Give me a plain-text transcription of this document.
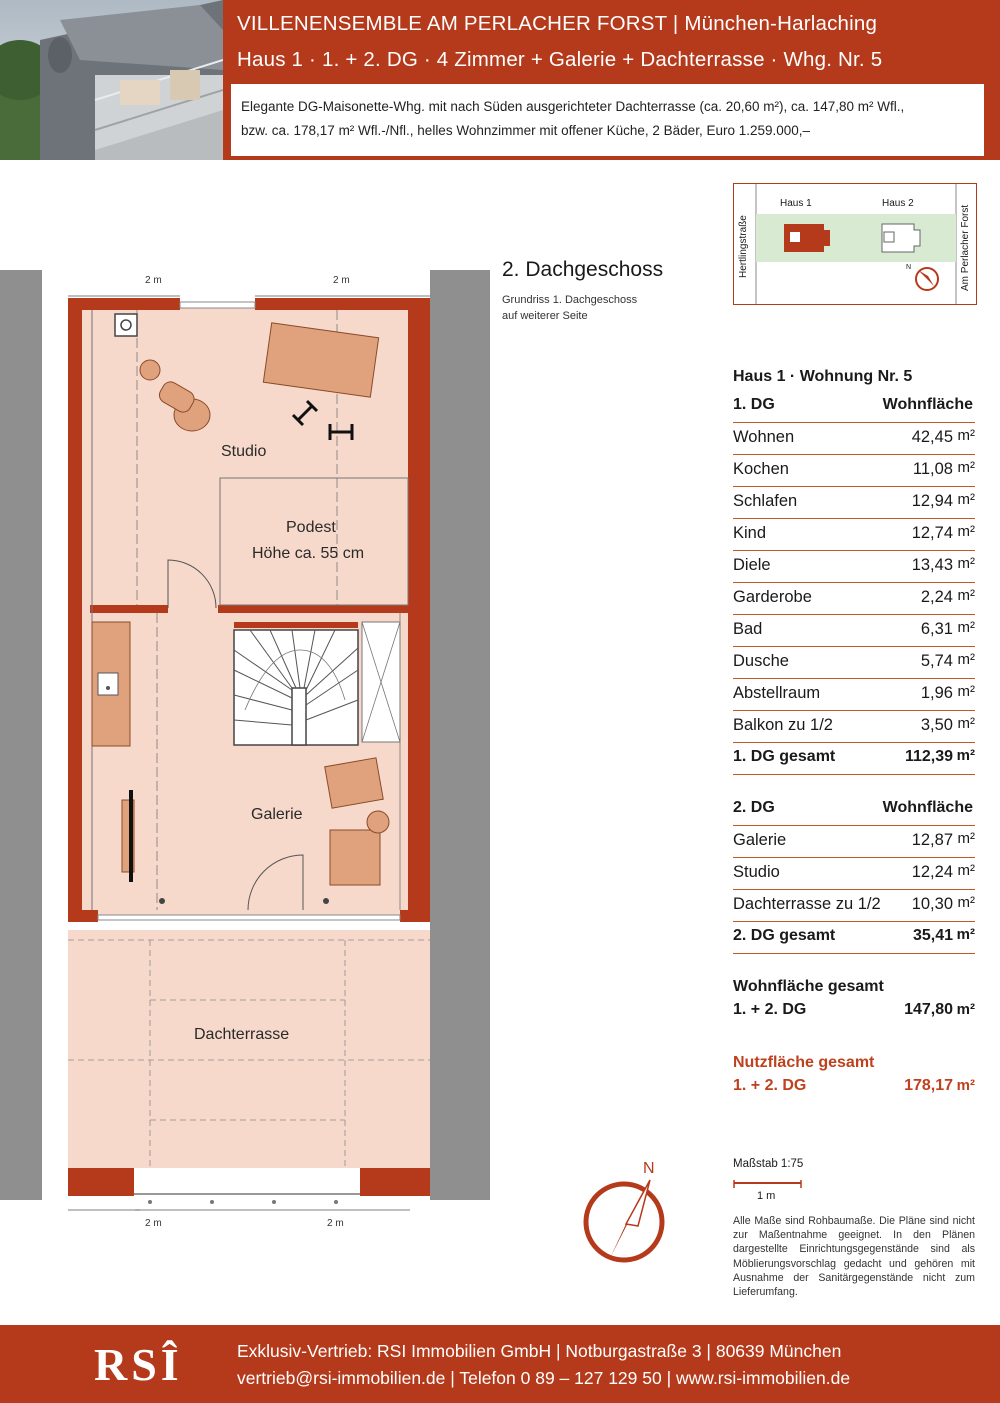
VILLENENSEMBLE AM PERLACHER FORST | München-Harlaching
Haus 1 · 1. + 2. DG · 4 Zimmer + Galerie + Dachterrasse · Whg. Nr. 5
Elegante DG-Maisonette-Whg. mit nach Süden ausgerichteter Dachterrasse (ca. 20,60 m²), ca. 147,80 m² Wfl.,
bzw. ca. 178,17 m² Wfl.-/Nfl., helles Wohnzimmer mit offener Küche, 2 Bäder, Euro 1.259.000,–
2 m	2 m
2 m	2 m
Studio
Podest
Höhe ca. 55 cm
Galerie
Dachterrasse
2. Dachgeschoss
Grundriss 1. Dachgeschoss
auf weiterer Seite
Hertlingstraße	Am Perlacher Forst
Haus 1	Haus 2
N
Haus 1 · Wohnung Nr. 5
1. DG	Wohnfläche
Wohnen	42,45 m²
Kochen	11,08 m²
Schlafen	12,94 m²
Kind	12,74 m²
Diele	13,43 m²
Garderobe	2,24 m²
Bad	6,31 m²
Dusche	5,74 m²
Abstellraum	1,96 m²
Balkon zu 1/2	3,50 m²
1. DG gesamt	112,39 m²
2. DG	Wohnfläche
Galerie	12,87 m²
Studio	12,24 m²
Dachterrasse zu 1/2 10,30 m²
2. DG gesamt	35,41 m²
Wohnfläche gesamt
1. + 2. DG	147,80 m²
Nutzfläche gesamt
1. + 2. DG	178,17 m²
Maßstab 1:75
1 m
N
Alle Maße sind Rohbaumaße. Die Pläne sind nicht zur Maßentnahme geeignet. In den Plänen dargestellte Einrichtungsgegenstände sind als Möblierungsvorschlag gedacht und gehören mit Ausnahme der Sanitärgegenstände nicht zum Lieferumfang.
RSÎ	Exklusiv-Vertrieb: RSI Immobilien GmbH | Notburgastraße 3 | 80639 München
vertrieb@rsi-immobilien.de | Telefon 0 89 – 127 129 50 | www.rsi-immobilien.de
